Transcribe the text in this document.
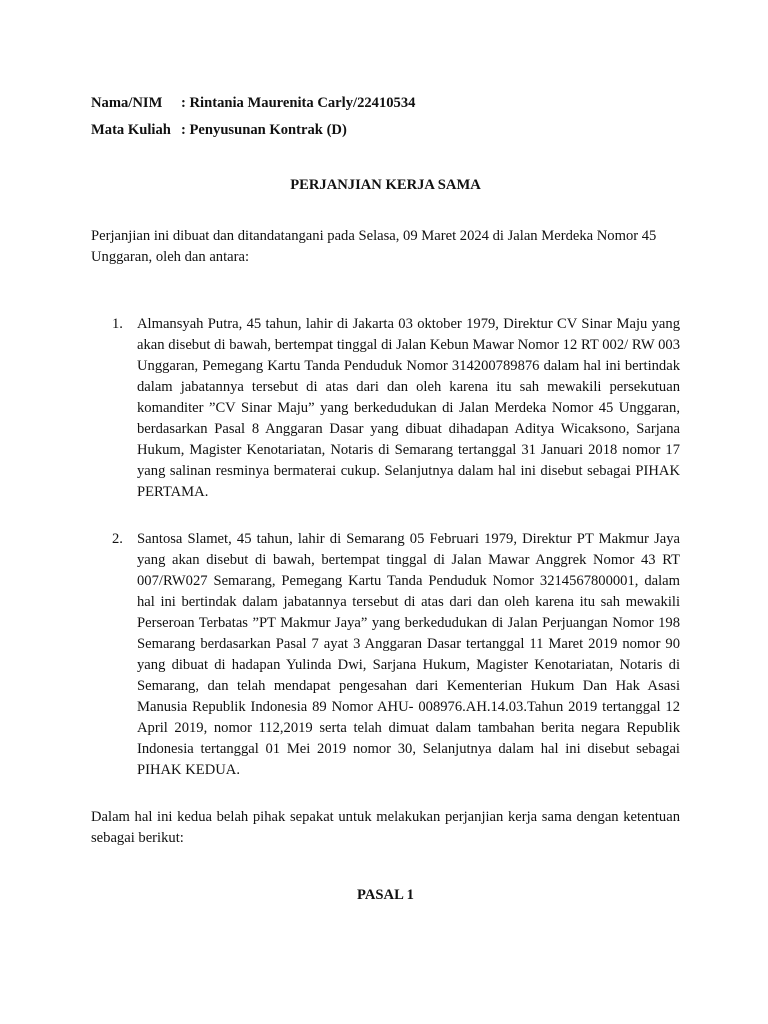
Nama/NIM	: Rintania Maurenita Carly/22410534
Mata Kuliah : Penyusunan Kontrak (D)
PERJANJIAN KERJA SAMA

Perjanjian ini dibuat dan ditandatangani pada Selasa, 09 Maret 2024 di Jalan Merdeka Nomor 45 Unggaran, oleh dan antara:

1. Almansyah Putra, 45 tahun, lahir di Jakarta 03 oktober 1979, Direktur CV Sinar Maju yang akan disebut di bawah, bertempat tinggal di Jalan Kebun Mawar Nomor 12 RT 002/ RW 003 Unggaran, Pemegang Kartu Tanda Penduduk Nomor 314200789876 dalam hal ini bertindak dalam jabatannya tersebut di atas dari dan oleh karena itu sah mewakili persekutuan komanditer ”CV Sinar Maju” yang berkedudukan di Jalan Merdeka Nomor 45 Unggaran, berdasarkan Pasal 8 Anggaran Dasar yang dibuat dihadapan Aditya Wicaksono, Sarjana Hukum, Magister Kenotariatan, Notaris di Semarang tertanggal 31 Januari 2018 nomor 17 yang salinan resminya bermaterai cukup. Selanjutnya dalam hal ini disebut sebagai PIHAK PERTAMA.
2. Santosa Slamet, 45 tahun, lahir di Semarang 05 Februari 1979, Direktur PT Makmur Jaya yang akan disebut di bawah, bertempat tinggal di Jalan Mawar Anggrek Nomor 43 RT 007/RW027 Semarang, Pemegang Kartu Tanda Penduduk Nomor 3214567800001, dalam hal ini bertindak dalam jabatannya tersebut di atas dari dan oleh karena itu sah mewakili Perseroan Terbatas ”PT Makmur Jaya” yang berkedudukan di Jalan Perjuangan Nomor 198 Semarang berdasarkan Pasal 7 ayat 3 Anggaran Dasar tertanggal 11 Maret 2019 nomor 90 yang dibuat di hadapan Yulinda Dwi, Sarjana Hukum, Magister Kenotariatan, Notaris di Semarang, dan telah mendapat pengesahan dari Kementerian Hukum Dan Hak Asasi Manusia Republik Indonesia 89 Nomor AHU- 008976.AH.14.03.Tahun 2019 tertanggal 12 April 2019, nomor 112,2019 serta telah dimuat dalam tambahan berita negara Republik Indonesia tertanggal 01 Mei 2019 nomor 30, Selanjutnya dalam hal ini disebut sebagai PIHAK KEDUA.

Dalam hal ini kedua belah pihak sepakat untuk melakukan perjanjian kerja sama dengan ketentuan sebagai berikut:

PASAL 1
